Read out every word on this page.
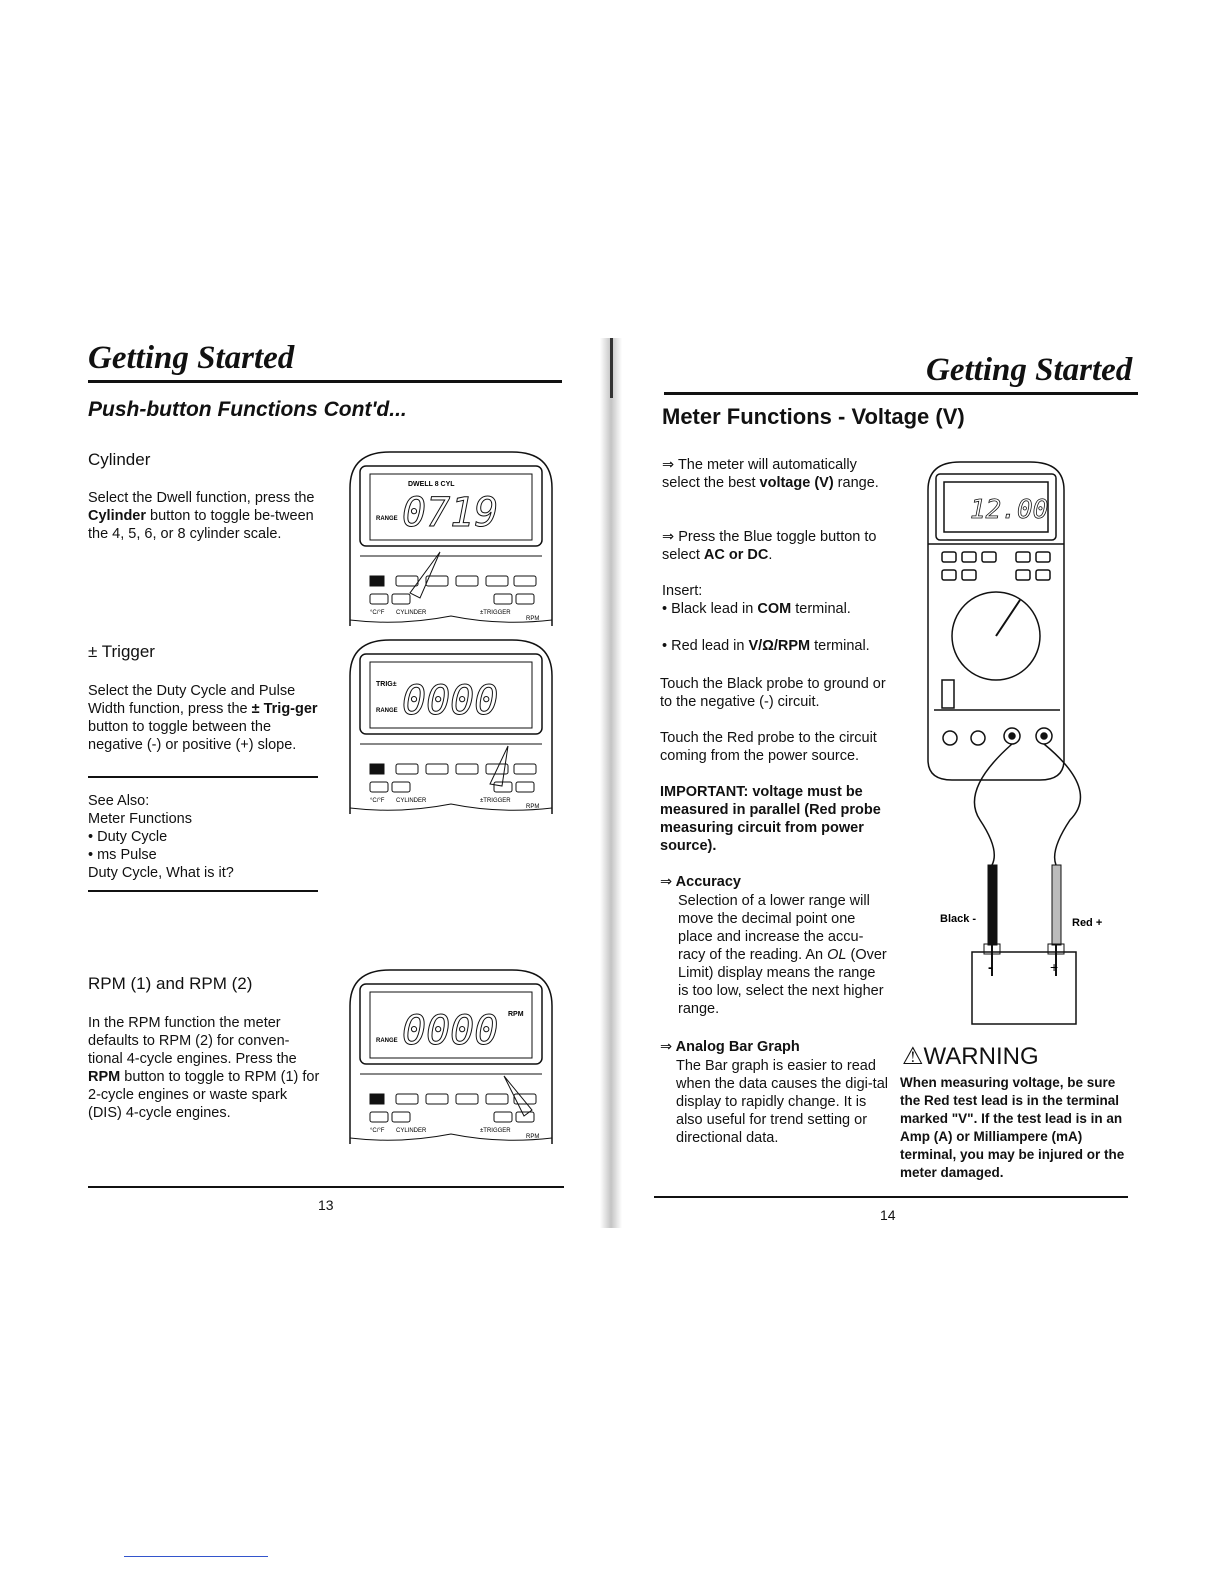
Getting Started
Push-button Functions Cont'd...
Cylinder
Select the Dwell function, press the Cylinder button to toggle be-tween the 4, 5, 6, or 8 cylinder scale.
± Trigger
Select the Duty Cycle and Pulse Width function, press the ± Trig-ger button to toggle between the negative (-) or positive (+) slope.
See Also:
Meter Functions
• Duty Cycle
• ms Pulse
Duty Cycle, What is it?
RPM (1) and RPM (2)
In the RPM function the meter defaults to RPM (2) for conven-tional 4-cycle engines. Press the RPM button to toggle to RPM (1) for 2-cycle engines or waste spark (DIS) 4-cycle engines.
DWELL 8 CYL
RANGE 0719
°C/°F CYLINDER	±TRIGGER
RPM
TRIG±
RANGE 0000
°C/°F CYLINDER	±TRIGGER
RPM
RANGE
RPM
0000
°C/°F CYLINDER	±TRIGGER
RPM
13
Getting Started
Meter Functions - Voltage (V)
⇒ The meter will automatically select the best voltage (V) range.
⇒ Press the Blue toggle button to select AC or DC.
Insert:
• Black lead in COM terminal.
• Red lead in V/Ω/RPM terminal.
Touch the Black probe to ground or to the negative (-) circuit.
Touch the Red probe to the circuit coming from the power source.
IMPORTANT: voltage must be measured in parallel (Red probe measuring circuit from power source).
⇒ Accuracy
Selection of a lower range will move the decimal point one place and increase the accu-racy of the reading. An OL (Over Limit) display means the range is too low, select the next higher range.
⇒ Analog Bar Graph
The Bar graph is easier to read when the data causes the digi-tal display to rapidly change. It is also useful for trend setting or directional data.
12.00
-	+
Black -	Red +
⚠WARNING
When measuring voltage, be sure the Red test lead is in the terminal marked "V". If the test lead is in an Amp (A) or Milliampere (mA) terminal, you may be injured or the meter damaged.
14
